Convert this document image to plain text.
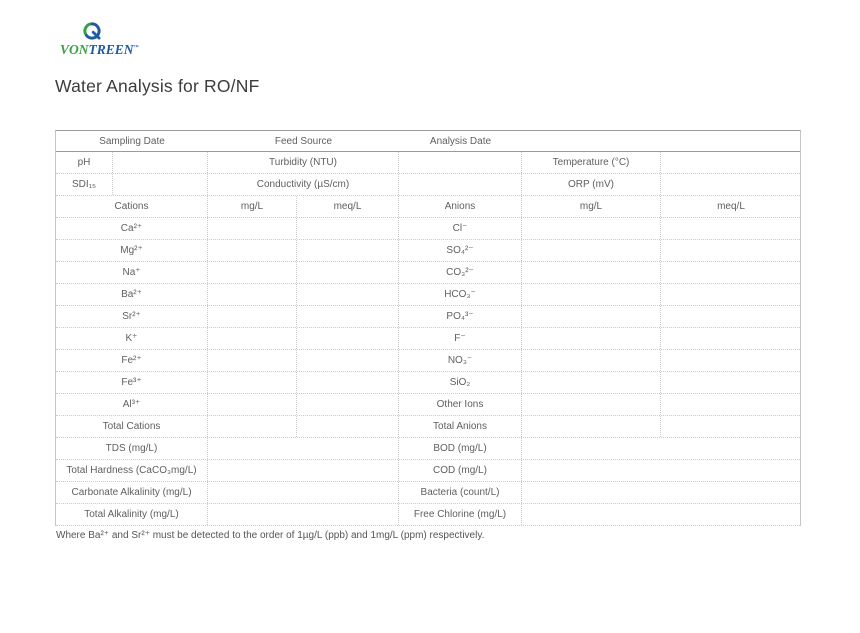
VONTREEN™
Water Analysis for RO/NF
Sampling Date	Feed Source	Analysis Date
pH	Turbidity (NTU)	Temperature (°C)
SDI₁₅	Conductivity (µS/cm)	ORP (mV)
Cations	mg/L	meq/L	Anions	mg/L	meq/L
Ca²⁺	Cl⁻
Mg²⁺	SO₄²⁻
Na⁺	CO₃²⁻
Ba²⁺	HCO₃⁻
Sr²⁺	PO₄³⁻
K⁺	F⁻
Fe²⁺	NO₃⁻
Fe³⁺	SiO₂
Al³⁺	Other Ions
Total Cations	Total Anions
TDS (mg/L)	BOD (mg/L)
Total Hardness (CaCO₃mg/L)	COD (mg/L)
Carbonate Alkalinity (mg/L)	Bacteria (count/L)
Total Alkalinity (mg/L)	Free Chlorine (mg/L)

Where Ba²⁺ and Sr²⁺ must be detected to the order of 1µg/L (ppb) and 1mg/L (ppm) respectively.
